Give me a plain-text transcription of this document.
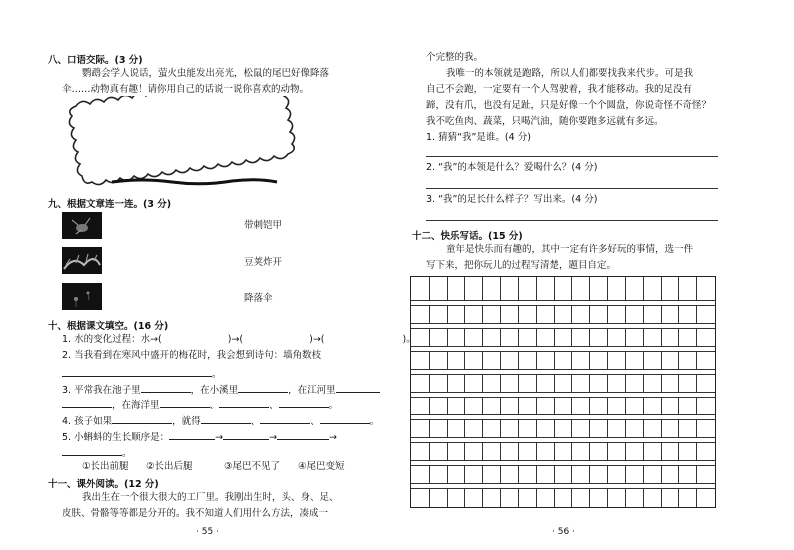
八、口语交际。(3 分)
鹦鹉会学人说话，萤火虫能发出亮光，松鼠的尾巴好像降落
伞……动物真有趣！请你用自己的话说一说你喜欢的动物。
九、根据文章连一连。(3 分)
带刺铠甲
豆荚炸开
降落伞
十、根据课文填空。(16 分)
1. 水的变化过程：水→(	)→(	)→(	)。
2. 当我看到在寒风中盛开的梅花时，我会想到诗句：墙角数枝
。
3. 平常我在池子里	，在小溪里	，在江河里
，在海洋里	、	、	。
4. 孩子如果	，就得	、	、	。
5. 小蝌蚪的生长顺序是：	→	→	→
。
①长出前腿 ②长出后腿	③尾巴不见了 ④尾巴变短
十一、课外阅读。(12 分)
我出生在一个很大很大的工厂里。我刚出生时，头、身、足、
皮肤、骨骼等等都是分开的。我不知道人们用什么方法，凑成一
· 55 ·
个完整的我。
我唯一的本领就是跑路，所以人们都要找我来代步。可是我
自己不会跑，一定要有一个人驾驶着，我才能移动。我的足没有
蹄，没有爪，也没有足趾，只是好像一个个圆盘，你说奇怪不奇怪？
我不吃鱼肉、蔬菜，只喝汽油，随你要跑多远就有多远。
1. 猜猜“我”是谁。(4 分)
2. “我”的本领是什么？爱喝什么？(4 分)
3. “我”的足长什么样子？写出来。(4 分)
十二、快乐写话。(15 分)
童年是快乐而有趣的，其中一定有许多好玩的事情，选一件
写下来，把你玩儿的过程写清楚，题目自定。
· 56 ·
